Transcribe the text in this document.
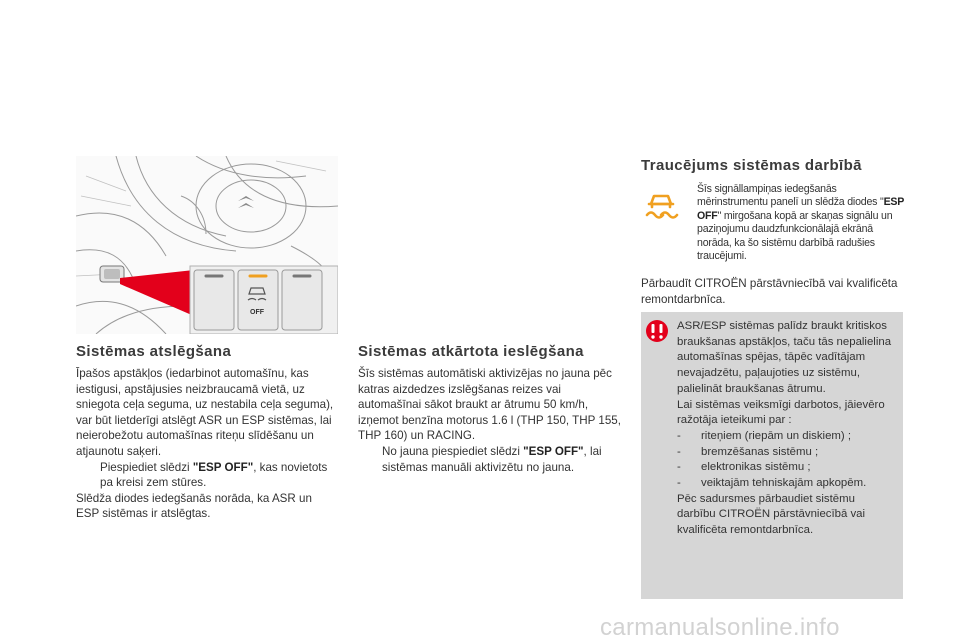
OFF
Sistēmas atslēgšana

Īpašos apstākļos (iedarbinot automašīnu, kas iestigusi, apstājusies neizbraucamā vietā, uz sniegota ceļa seguma, uz nestabila ceļa seguma), var būt lietderīgi atslēgt ASR un ESP sistēmas, lai neierobežotu automašīnas riteņu slīdēšanu un atjaunotu saķeri.

Piespiediet slēdzi "ESP OFF", kas novietots pa kreisi zem stūres.

Slēdža diodes iedegšanās norāda, ka ASR un ESP sistēmas ir atslēgtas.

Sistēmas atkārtota ieslēgšana

Šīs sistēmas automātiski aktivizējas no jauna pēc katras aizdedzes izslēgšanas reizes vai automašīnai sākot braukt ar ātrumu 50 km/h, izņemot benzīna motorus 1.6 l (THP 150, THP 155, THP 160) un RACING.

No jauna piespiediet slēdzi "ESP OFF", lai sistēmas manuāli aktivizētu no jauna.

Traucējums sistēmas darbībā
Šīs signāllampiņas iedegšanās mērinstrumentu panelī un slēdža diodes "ESP OFF" mirgošana kopā ar skaņas signālu un paziņojumu daudzfunkcionālajā ekrānā norāda, ka šo sistēmu darbībā radušies traucējumi.
Pārbaudīt CITROËN pārstāvniecībā vai kvalificēta remontdarbnīca.

ASR/ESP sistēmas palīdz braukt kritiskos braukšanas apstākļos, taču tās nepalielina automašīnas spējas, tāpēc vadītājam nevajadzētu, paļaujoties uz sistēmu, palielināt braukšanas ātrumu.

Lai sistēmas veiksmīgi darbotos, jāievēro ražotāja ieteikumi par :

- riteņiem (riepām un diskiem) ;

- bremzēšanas sistēmu ;

- elektronikas sistēmu ;

- veiktajām tehniskajām apkopēm.

Pēc sadursmes pārbaudiet sistēmu darbību CITROËN pārstāvniecībā vai kvalificēta remontdarbnīca.

carmanualsonline.info
